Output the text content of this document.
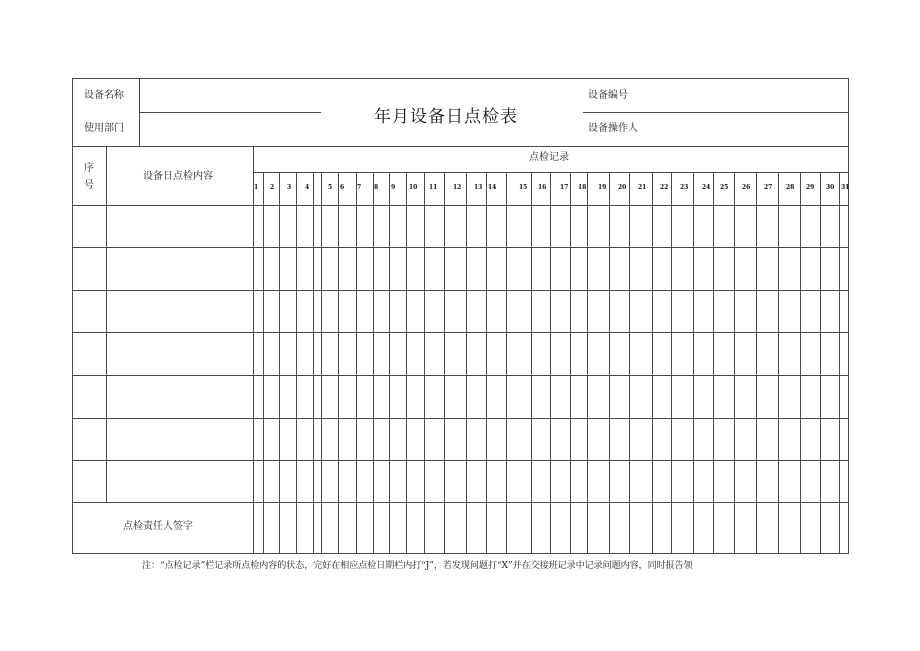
设备名称
使用部门
年月设备日点检表
设备编号
设备操作人
序
号
设备日点检内容
点检记录
1 2 3 4	5 6 7 8 9 10 11	12 13 14	15 16 17 18 19 20 21 22 23 24 25 26 27 28 29 30 31
点检责任人签字
注：“点检记录”栏记录所点检内容的状态，完好在相应点检日期栏内打“J”，若发现问题打“X”并在交接班记录中记录问题内容，同时报告领
